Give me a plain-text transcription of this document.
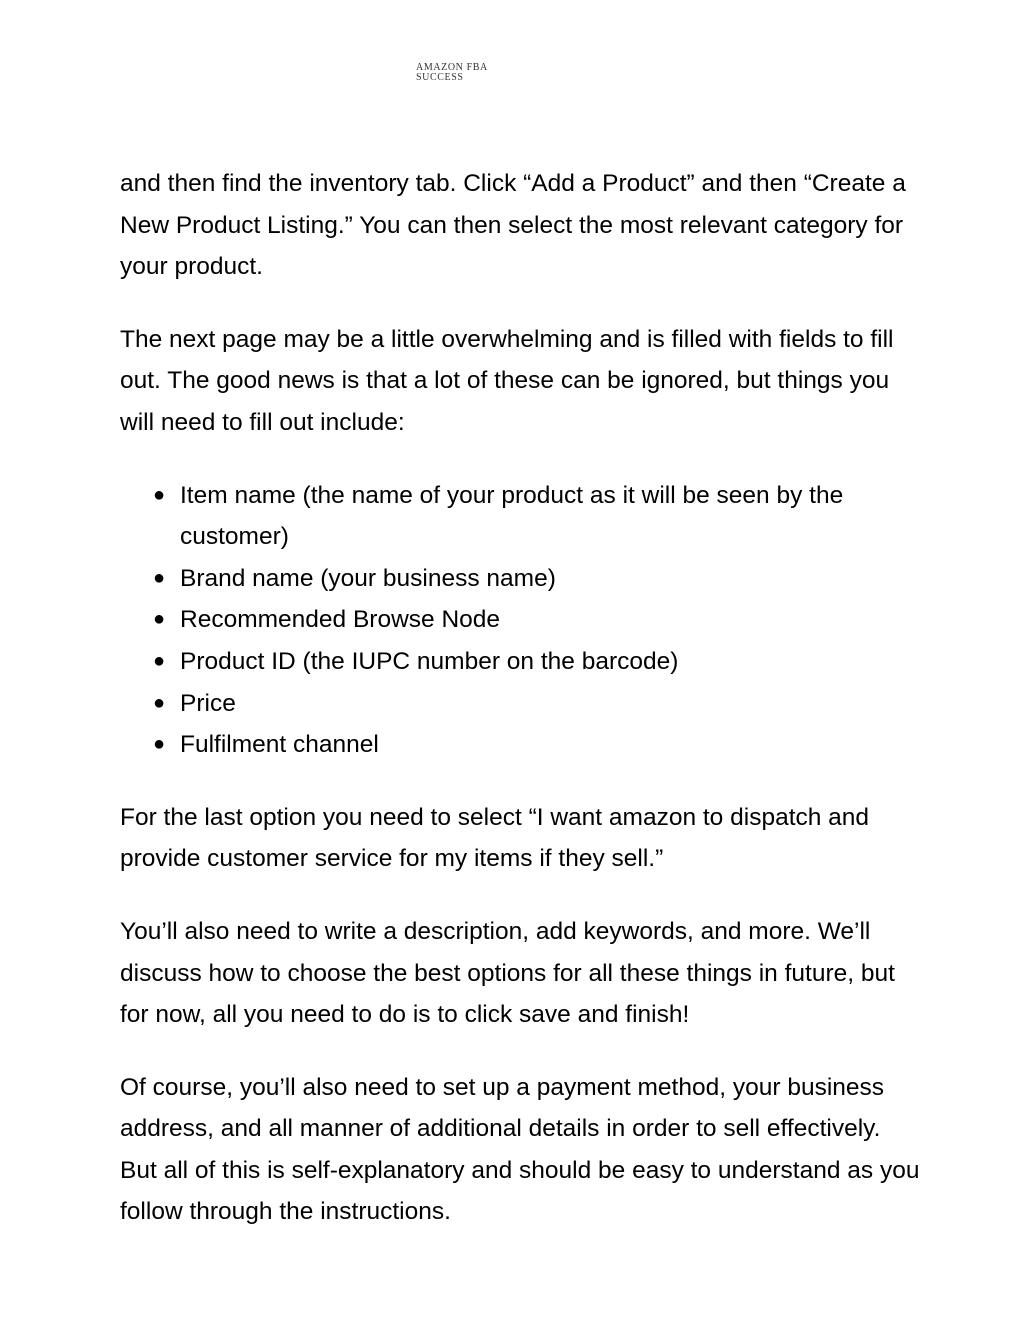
AMAZON FBA
SUCCESS

and then find the inventory tab. Click “Add a Product” and then “Create a New Product Listing.” You can then select the most relevant category for your product.

The next page may be a little overwhelming and is filled with fields to fill out. The good news is that a lot of these can be ignored, but things you will need to fill out include:

● Item name (the name of your product as it will be seen by the customer)
● Brand name (your business name)
● Recommended Browse Node
● Product ID (the IUPC number on the barcode)
● Price
● Fulfilment channel

For the last option you need to select “I want amazon to dispatch and provide customer service for my items if they sell.”

You’ll also need to write a description, add keywords, and more. We’ll discuss how to choose the best options for all these things in future, but for now, all you need to do is to click save and finish!

Of course, you’ll also need to set up a payment method, your business address, and all manner of additional details in order to sell effectively. But all of this is self-explanatory and should be easy to understand as you follow through the instructions.
